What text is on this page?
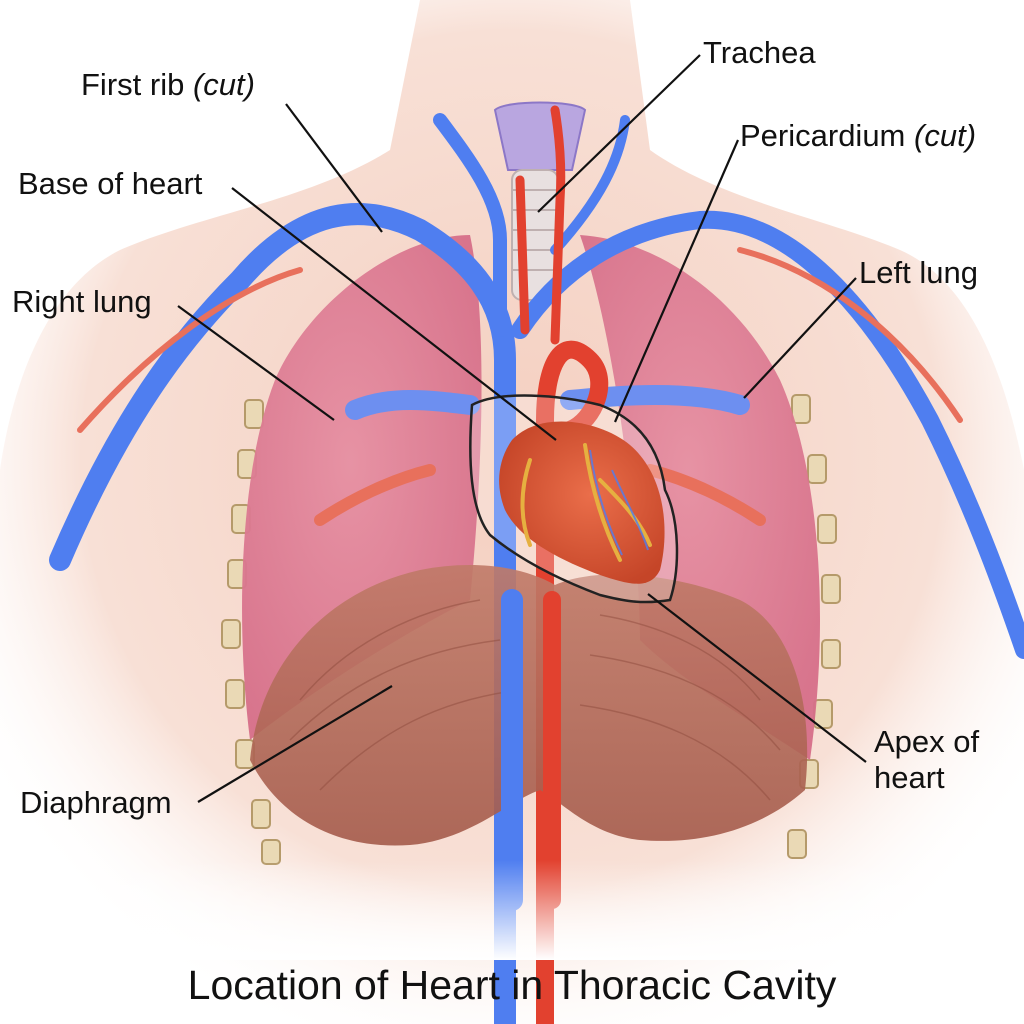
First rib (cut)
Trachea
Pericardium (cut)
Base of heart
Left lung
Right lung
Apex of
heart
Diaphragm
Location of Heart in Thoracic Cavity
